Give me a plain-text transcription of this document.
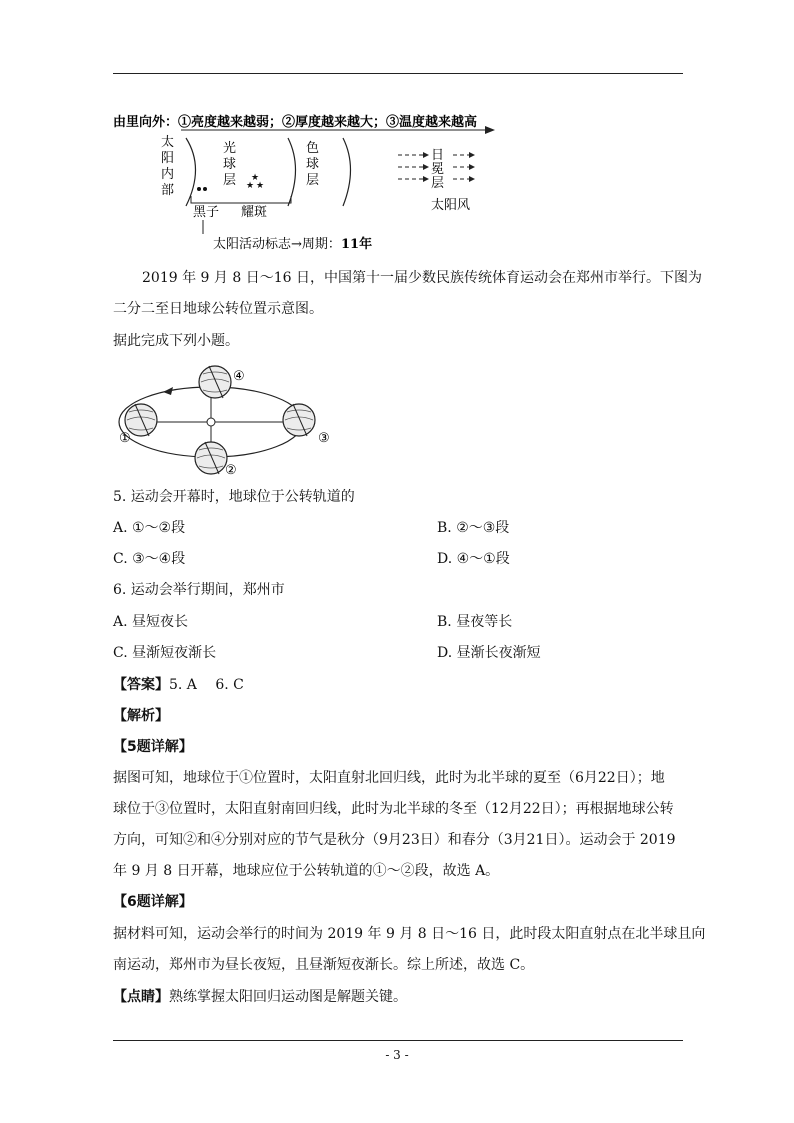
由里向外：①亮度越来越弱；②厚度越来越大；③温度越来越高
太
阳
内
部
光
球
层
色
球
层
日
冕
层
太阳风
★
★ ★
黑子 耀斑
太阳活动标志→周期： 11年
2019 年 9 月 8 日～16 日，中国第十一届少数民族传统体育运动会在郑州市举行。下图为
二分二至日地球公转位置示意图。
据此完成下列小题。
①
②
③
④
5. 运动会开幕时，地球位于公转轨道的
A. ①～②段	B. ②～③段
C. ③～④段	D. ④～①段
6. 运动会举行期间，郑州市
A. 昼短夜长	B. 昼夜等长
C. 昼渐短夜渐长	D. 昼渐长夜渐短
【答案】5. A　 6. C
【解析】
【5题详解】
据图可知，地球位于①位置时，太阳直射北回归线，此时为北半球的夏至（6月22日）；地
球位于③位置时，太阳直射南回归线，此时为北半球的冬至（12月22日）；再根据地球公转
方向，可知②和④分别对应的节气是秋分（9月23日）和春分（3月21日）。运动会于 2019
年 9 月 8 日开幕，地球应位于公转轨道的①～②段，故选 A。
【6题详解】
据材料可知，运动会举行的时间为 2019 年 9 月 8 日～16 日，此时段太阳直射点在北半球且向
南运动，郑州市为昼长夜短，且昼渐短夜渐长。综上所述，故选 C。
【点睛】熟练掌握太阳回归运动图是解题关键。
- 3 -
